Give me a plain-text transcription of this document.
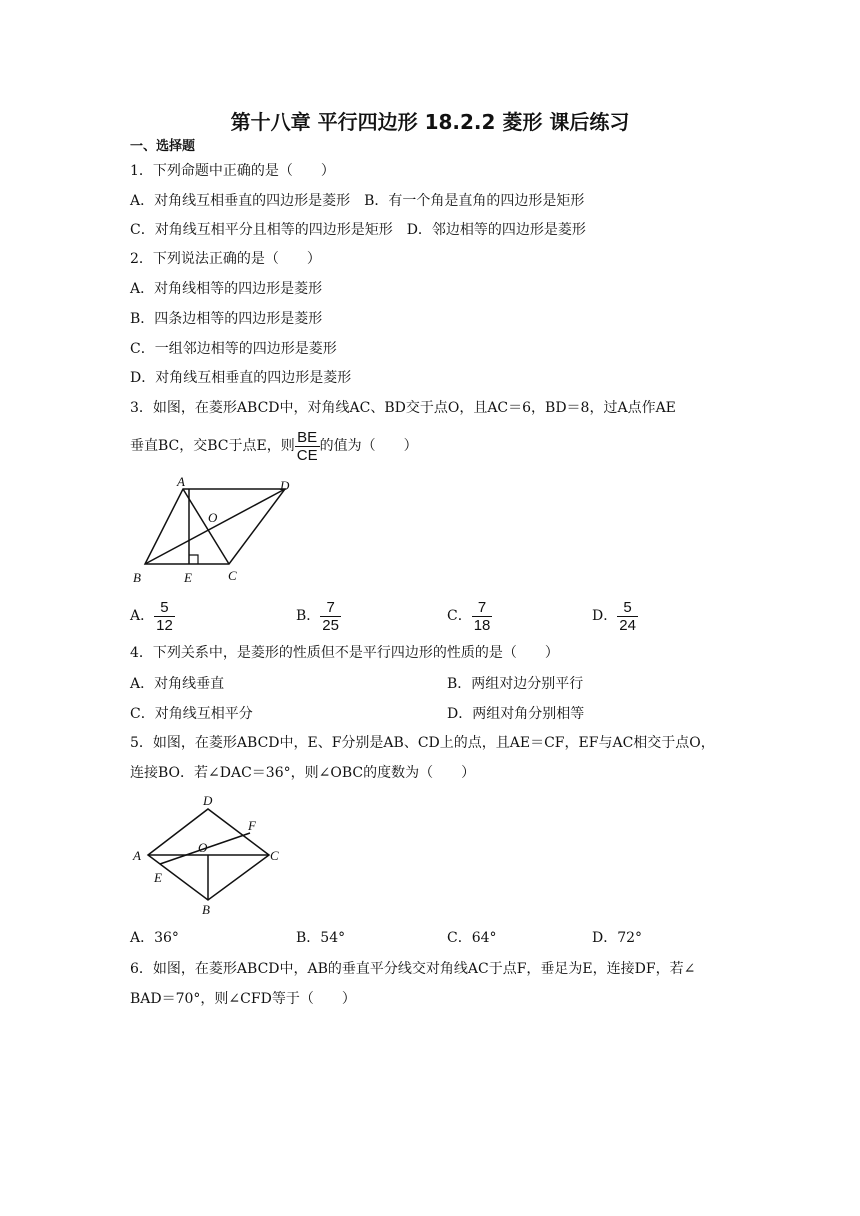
第十八章 平行四边形 18.2.2 菱形 课后练习
一、选择题
1．下列命题中正确的是（　　）
A．对角线互相垂直的四边形是菱形　B．有一个角是直角的四边形是矩形
C．对角线互相平分且相等的四边形是矩形　D．邻边相等的四边形是菱形
2．下列说法正确的是（　　）
A．对角线相等的四边形是菱形
B．四条边相等的四边形是菱形
C．一组邻边相等的四边形是菱形
D．对角线互相垂直的四边形是菱形
3．如图，在菱形ABCD中，对角线AC、BD交于点O，且AC＝6，BD＝8，过A点作AE
垂直BC，交BC于点E，则 $\frac{BE}{CE}$ 的值为（　　）
A	D
O
B	E	C
A． $\frac{5}{12}$	B． $\frac{7}{25}$	C． $\frac{7}{18}$	D． $\frac{5}{24}$
4．下列关系中，是菱形的性质但不是平行四边形的性质的是（　　）
A．对角线垂直	B．两组对边分别平行
C．对角线互相平分	D．两组对角分别相等
5．如图，在菱形ABCD中，E、F分别是AB、CD上的点，且AE＝CF，EF与AC相交于点O，
连接BO．若∠DAC＝36°，则∠OBC的度数为（　　）
D
F
A
O
C
E
B
A．36°	B．54°	C．64°	D．72°
6．如图，在菱形ABCD中，AB的垂直平分线交对角线AC于点F，垂足为E，连接DF，若∠
BAD＝70°，则∠CFD等于（　　）
